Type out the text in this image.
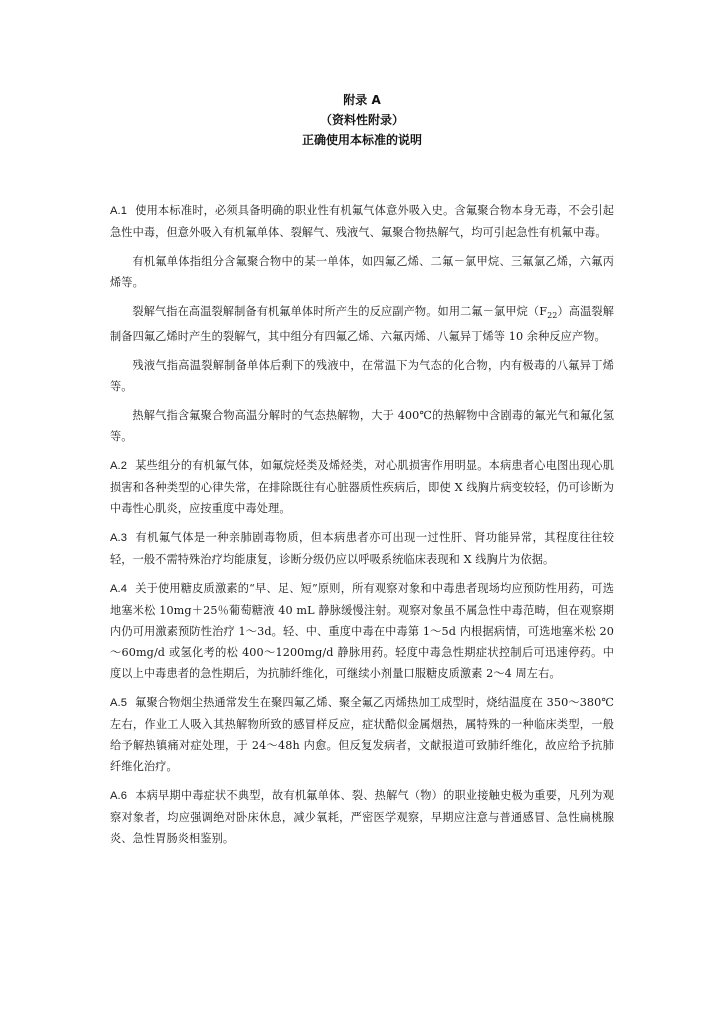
附录 A
（资料性附录）
正确使用本标准的说明

A.1 使用本标准时，必须具备明确的职业性有机氟气体意外吸入史。含氟聚合物本身无毒，不会引起急性中毒，但意外吸入有机氟单体、裂解气、残液气、氟聚合物热解气，均可引起急性有机氟中毒。

有机氟单体指组分含氟聚合物中的某一单体，如四氟乙烯、二氟－氯甲烷、三氟氯乙烯，六氟丙烯等。

裂解气指在高温裂解制备有机氟单体时所产生的反应副产物。如用二氟－氯甲烷$(F_{22})$高温裂解制备四氟乙烯时产生的裂解气，其中组分有四氟乙烯、六氟丙烯、八氟异丁烯等 10 余种反应产物。

残液气指高温裂解制备单体后剩下的残液中，在常温下为气态的化合物，内有极毒的八氟异丁烯等。

热解气指含氟聚合物高温分解时的气态热解物，大于 400℃的热解物中含剧毒的氟光气和氟化氢等。

A.2 某些组分的有机氟气体，如氟烷烃类及烯烃类，对心肌损害作用明显。本病患者心电图出现心肌损害和各种类型的心律失常，在排除既往有心脏器质性疾病后，即使 X 线胸片病变较轻，仍可诊断为中毒性心肌炎，应按重度中毒处理。

A.3 有机氟气体是一种亲肺剧毒物质，但本病患者亦可出现一过性肝、肾功能异常，其程度往往较轻，一般不需特殊治疗均能康复，诊断分级仍应以呼吸系统临床表现和 X 线胸片为依据。

A.4 关于使用糖皮质激素的“早、足、短”原则，所有观察对象和中毒患者现场均应预防性用药，可选地塞米松 10mg＋25％葡萄糖液 40 mL 静脉缓慢注射。观察对象虽不属急性中毒范畴，但在观察期内仍可用激素预防性治疗 1～3d。轻、中、重度中毒在中毒第 1～5d 内根据病情，可选地塞米松 20～60mg/d 或氢化考的松 400～1200mg/d 静脉用药。轻度中毒急性期症状控制后可迅速停药。中度以上中毒患者的急性期后，为抗肺纤维化，可继续小剂量口服糖皮质激素 2～4 周左右。

A.5 氟聚合物烟尘热通常发生在聚四氟乙烯、聚全氟乙丙烯热加工成型时，烧结温度在 350～380℃左右，作业工人吸入其热解物所致的感冒样反应，症状酷似金属烟热，属特殊的一种临床类型，一般给予解热镇痛对症处理，于 24～48h 内愈。但反复发病者，文献报道可致肺纤维化，故应给予抗肺纤维化治疗。

A.6 本病早期中毒症状不典型，故有机氟单体、裂、热解气（物）的职业接触史极为重要，凡列为观察对象者，均应强调绝对卧床休息，减少氧耗，严密医学观察，早期应注意与普通感冒、急性扁桃腺炎、急性胃肠炎相鉴别。
